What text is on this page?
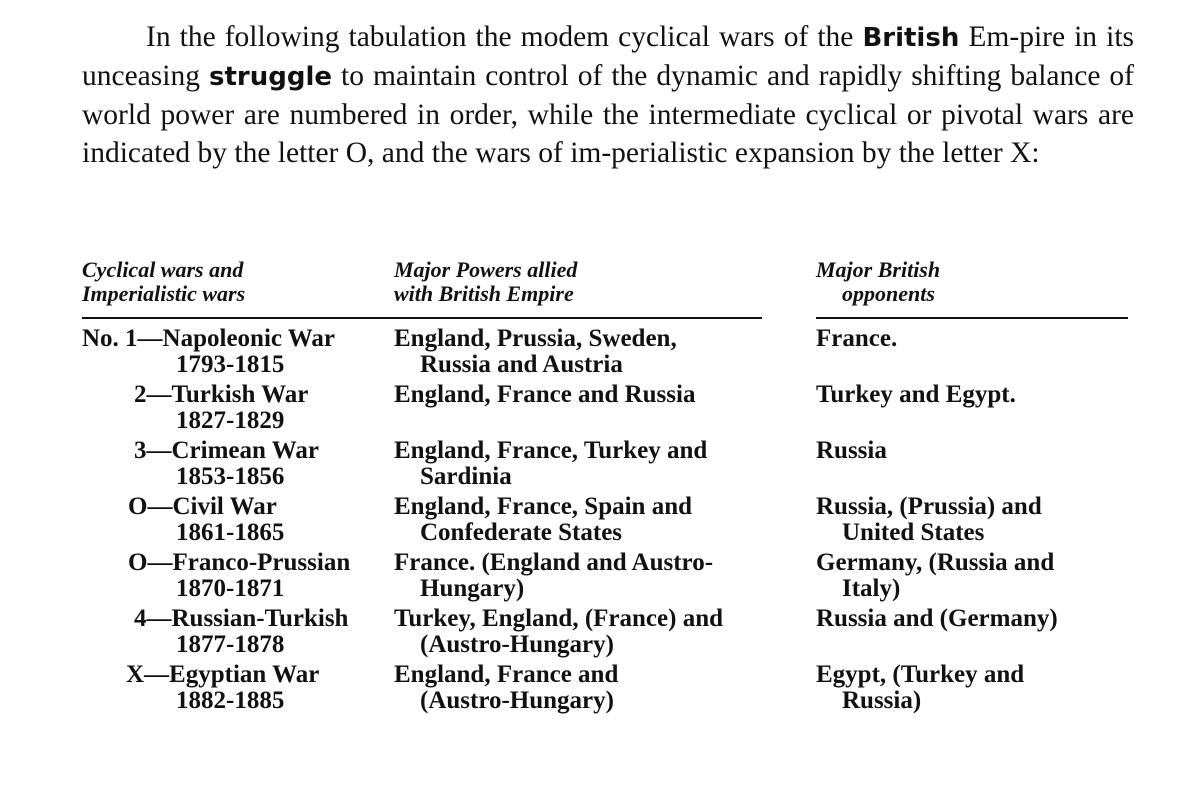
In the following tabulation the modem cyclical wars of the British Em-pire in its unceasing struggle to maintain control of the dynamic and rapidly shifting balance of world power are numbered in order, while the intermediate cyclical or pivotal wars are indicated by the letter O, and the wars of im-perialistic expansion by the letter X:

Cyclical wars and
Imperialistic wars
Major Powers allied
with British Empire
Major British
opponents
No. 1—Napoleonic War
1793-1815
England, Prussia, Sweden,
Russia and Austria
France.
2—Turkish War
1827-1829
England, France and Russia	Turkey and Egypt.
3—Crimean War
1853-1856
England, France, Turkey and
Sardinia
Russia
O—Civil War
1861-1865
England, France, Spain and
Confederate States
Russia, (Prussia) and
United States
O—Franco-Prussian
1870-1871
France. (England and Austro-
Hungary)
Germany, (Russia and
Italy)
4—Russian-Turkish
1877-1878
Turkey, England, (France) and
(Austro-Hungary)
Russia and (Germany)
X—Egyptian War
1882-1885
England, France and
(Austro-Hungary)
Egypt, (Turkey and
Russia)
